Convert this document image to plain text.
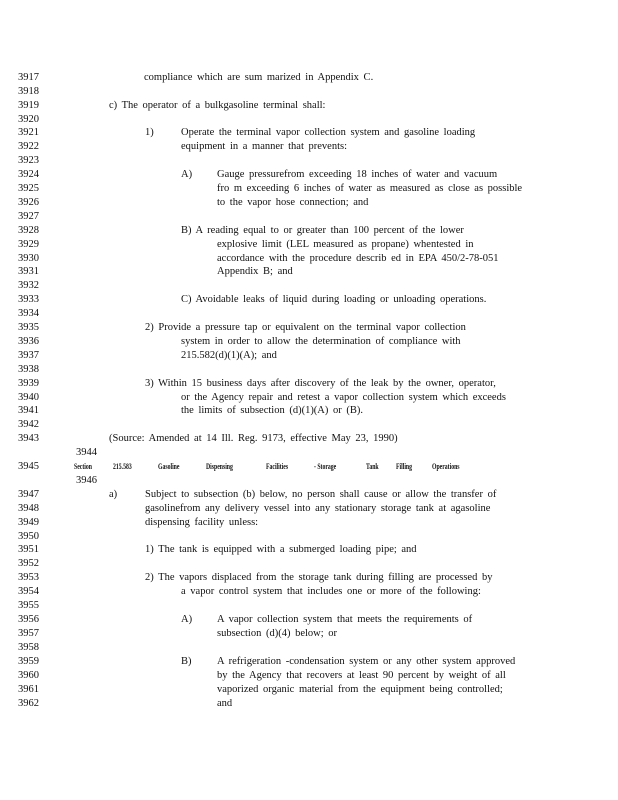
3917
3918
3919
3920
3921
3922
3923
3924
3925
3926
3927
3928
3929
3930
3931
3932
3933
3934
3935
3936
3937
3938
3939
3940
3941
3942
3943
3944
3945
3946
3947
3948
3949
3950
3951
3952
3953
3954
3955
3956
3957
3958
3959
3960
3961
3962
compliance which are sum marized in Appendix C.
c) The operator of a bulkgasoline terminal shall:
1)	Operate the terminal vapor collection system and gasoline loading
equipment in a manner that prevents:
A) Gauge pressurefrom exceeding 18 inches of water and vacuum
fro m exceeding 6 inches of water as measured as close as possible
to the vapor hose connection; and
B) A reading equal to or greater than 100 percent of the lower
explosive limit (LEL measured as propane) whentested in
accordance with the procedure describ ed in EPA 450/2-78-051
Appendix B; and
C) Avoidable leaks of liquid during loading or unloading operations.
2) Provide a pressure tap or equivalent on the terminal vapor collection
system in order to allow the determination of compliance with
215.582(d)(1)(A); and
3) Within 15 business days after discovery of the leak by the owner, operator,
or the Agency repair and retest a vapor collection system which exceeds
the limits of subsection (d)(1)(A) or (B).
(Source: Amended at 14 Ill. Reg. 9173, effective May 23, 1990)
Section	215.583	Gasoline	Dispensing	Facilities	- Storage	Tank Filling Operations
a)	Subject to subsection (b) below, no person shall cause or allow the transfer of
gasolinefrom any delivery vessel into any stationary storage tank at agasoline
dispensing facility unless:
1) The tank is equipped with a submerged loading pipe; and
2) The vapors displaced from the storage tank during filling are processed by
a vapor control system that includes one or more of the following:
A) A vapor collection system that meets the requirements of
subsection (d)(4) below; or
B) A refrigeration -condensation system or any other system approved
by the Agency that recovers at least 90 percent by weight of all
vaporized organic material from the equipment being controlled;
and
